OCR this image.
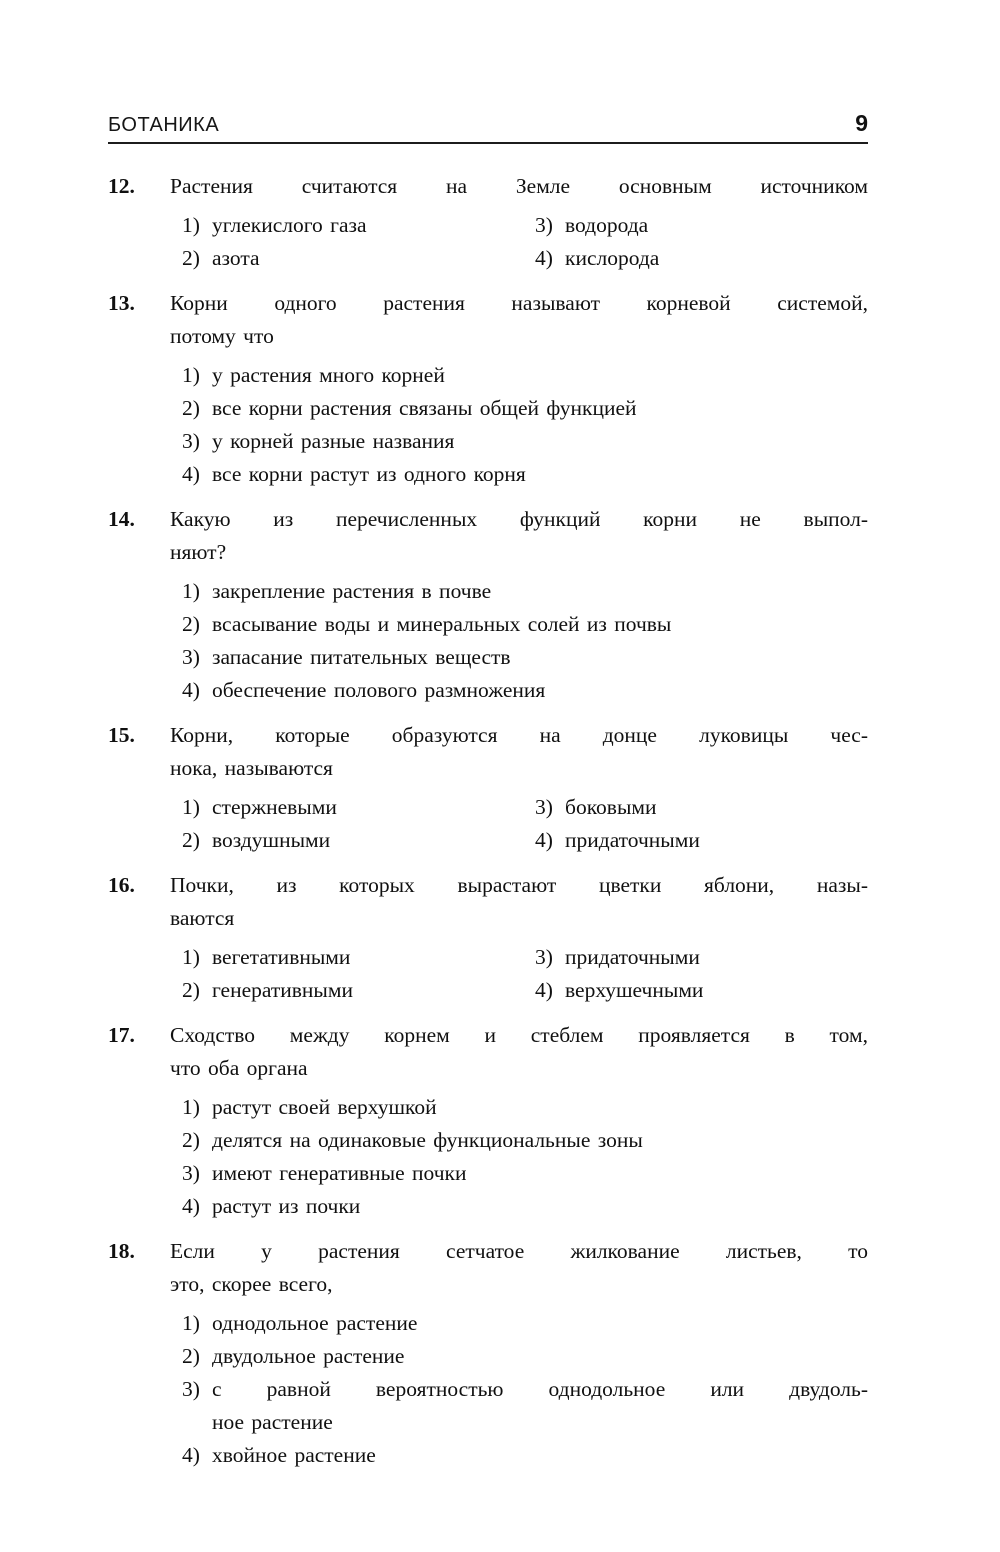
БОТАНИКА	9
12.	Растения считаются на Земле основным источником
1) углекислого газа
2) азота
3) водорода
4) кислорода
13.	Корни одного растения называют корневой системой,
потому что
1) у растения много корней
2) все корни растения связаны общей функцией
3) у корней разные названия
4) все корни растут из одного корня
14.	Какую из перечисленных функций корни не выпол-
няют?
1) закрепление растения в почве
2) всасывание воды и минеральных солей из почвы
3) запасание питательных веществ
4) обеспечение полового размножения
15.	Корни, которые образуются на донце луковицы чес-
нока, называются
1) стержневыми
2) воздушными
3) боковыми
4) придаточными
16.	Почки, из которых вырастают цветки яблони, назы-
ваются
1) вегетативными
2) генеративными
3) придаточными
4) верхушечными
17.	Сходство между корнем и стеблем проявляется в том,
что оба органа
1) растут своей верхушкой
2) делятся на одинаковые функциональные зоны
3) имеют генеративные почки
4) растут из почки
18.	Если у растения сетчатое жилкование листьев, то
это, скорее всего,
1) однодольное растение
2) двудольное растение
3) с равной вероятностью однодольное или двудоль-
ное растение
4) хвойное растение
